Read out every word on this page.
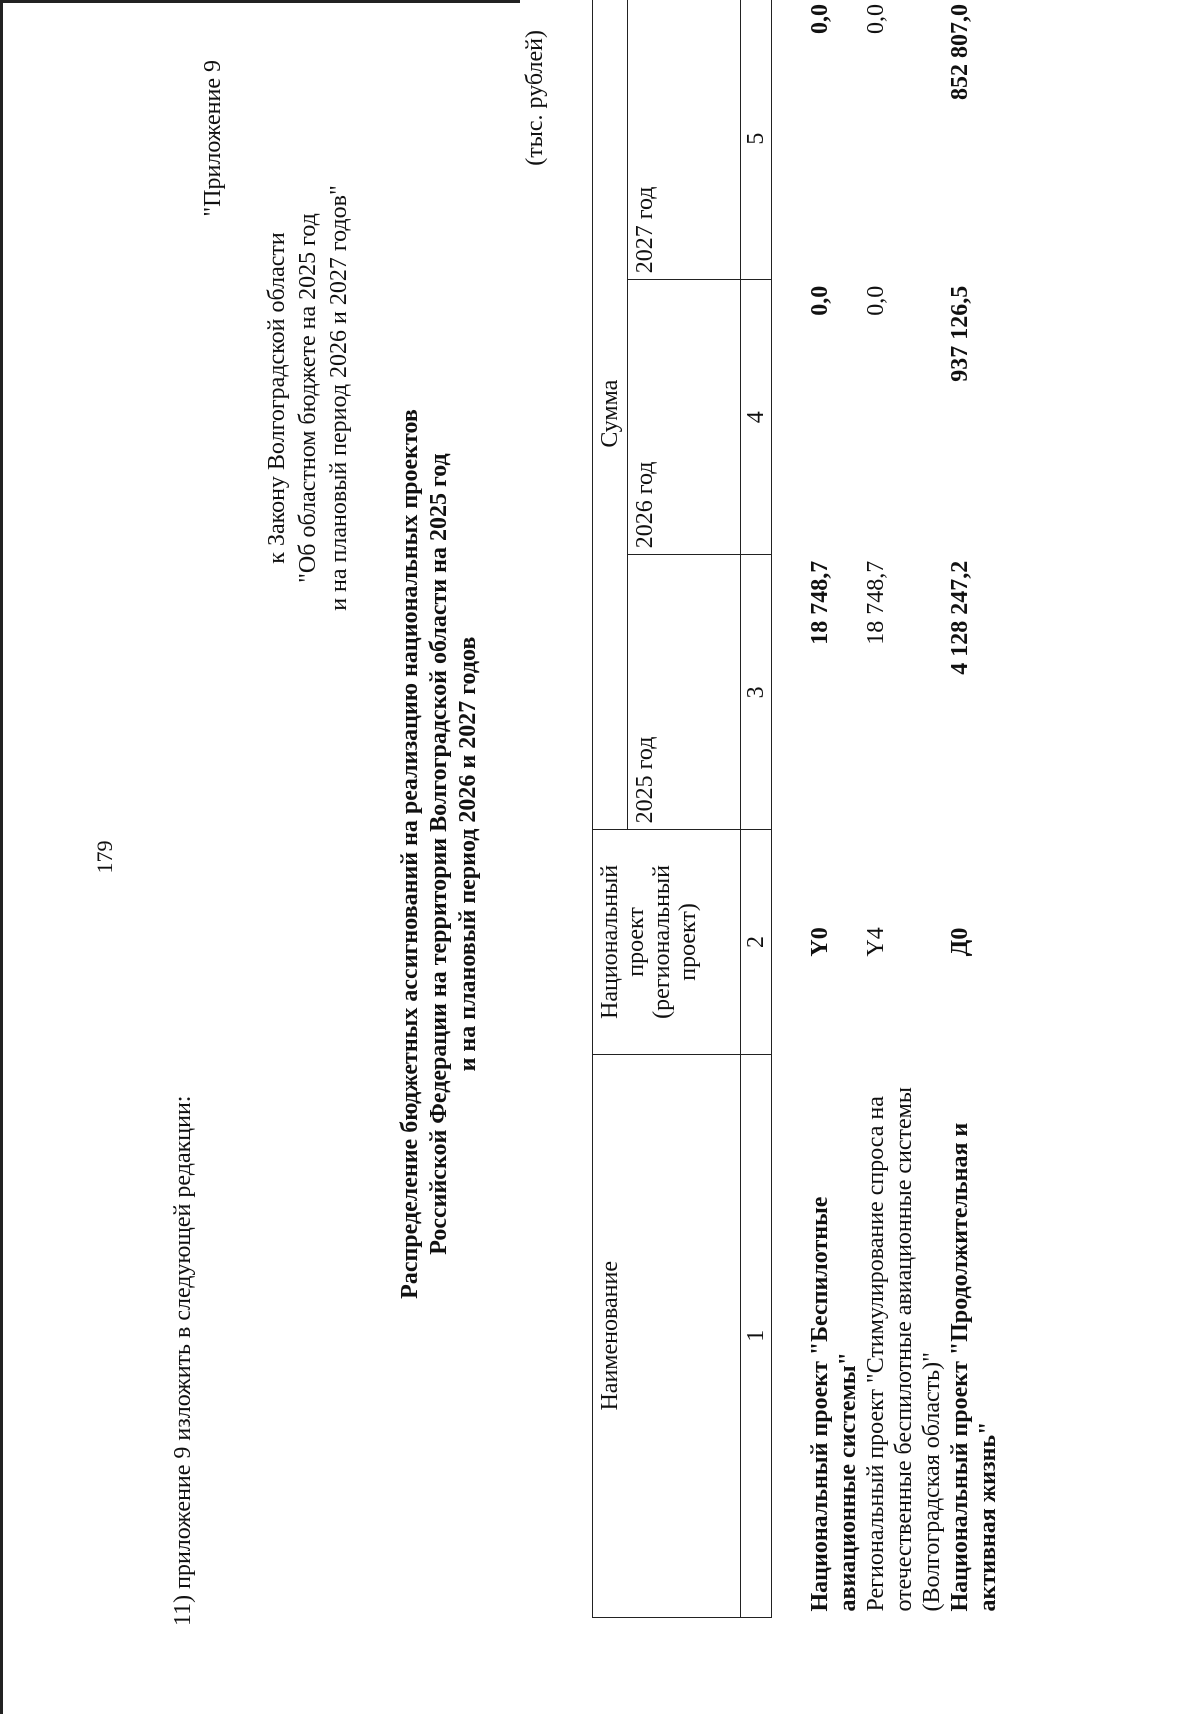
179
11) приложение 9 изложить в следующей редакции:
"Приложение 9
к Закону Волгоградской области "Об областном бюджете на 2025 год и на плановый период 2026 и 2027 годов"
Распределение бюджетных ассигнований на реализацию национальных проектов Российской Федерации на территории Волгоградской области на 2025 год и на плановый период 2026 и 2027 годов
(тыс. рублей)
Наименование	Национальный проект (региональный проект)	Сумма		
		2025 год	2026 год	2027 год
1	2	3	4	5

Национальный проект "Беспилотные авиационные системы"	Y0	18 748,7	0,0	0,0
Региональный проект "Стимулирование спроса на отечественные беспилотные авиационные системы (Волгоградская область)"	Y4	18 748,7	0,0	0,0
Национальный проект "Продолжительная и активная жизнь"	Д0	4 128 247,2	937 126,5	852 807,0
